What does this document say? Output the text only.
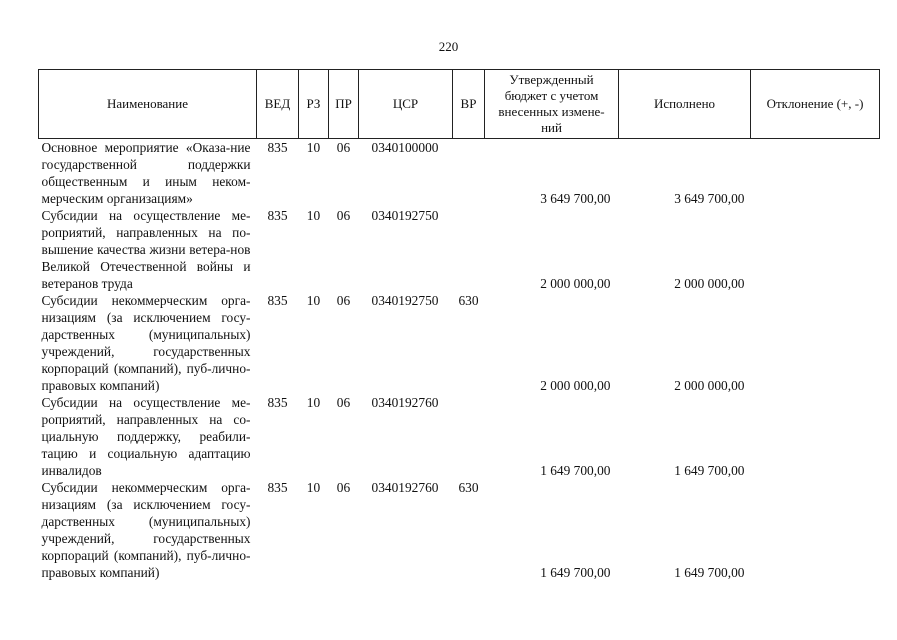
220
Наименование	ВЕД	РЗ	ПР	ЦСР	ВР	Утвержденный бюджет с учетом внесенных измене-ний	Исполнено	Отклонение (+, -)
Основное мероприятие «Оказа-ние государственной поддержки общественным и иным неком-мерческим организациям»	835	10	06	0340100000		3 649 700,00	3 649 700,00	
Субсидии на осуществление ме-роприятий, направленных на по-вышение качества жизни ветера-нов Великой Отечественной войны и ветеранов труда	835	10	06	0340192750		2 000 000,00	2 000 000,00	
Субсидии некоммерческим орга-низациям (за исключением госу-дарственных (муниципальных) учреждений, государственных корпораций (компаний), пуб-лично-правовых компаний)	835	10	06	0340192750	630	2 000 000,00	2 000 000,00	
Субсидии на осуществление ме-роприятий, направленных на со-циальную поддержку, реабили-тацию и социальную адаптацию инвалидов	835	10	06	0340192760		1 649 700,00	1 649 700,00	
Субсидии некоммерческим орга-низациям (за исключением госу-дарственных (муниципальных) учреждений, государственных корпораций (компаний), пуб-лично-правовых компаний)	835	10	06	0340192760	630	1 649 700,00	1 649 700,00	
